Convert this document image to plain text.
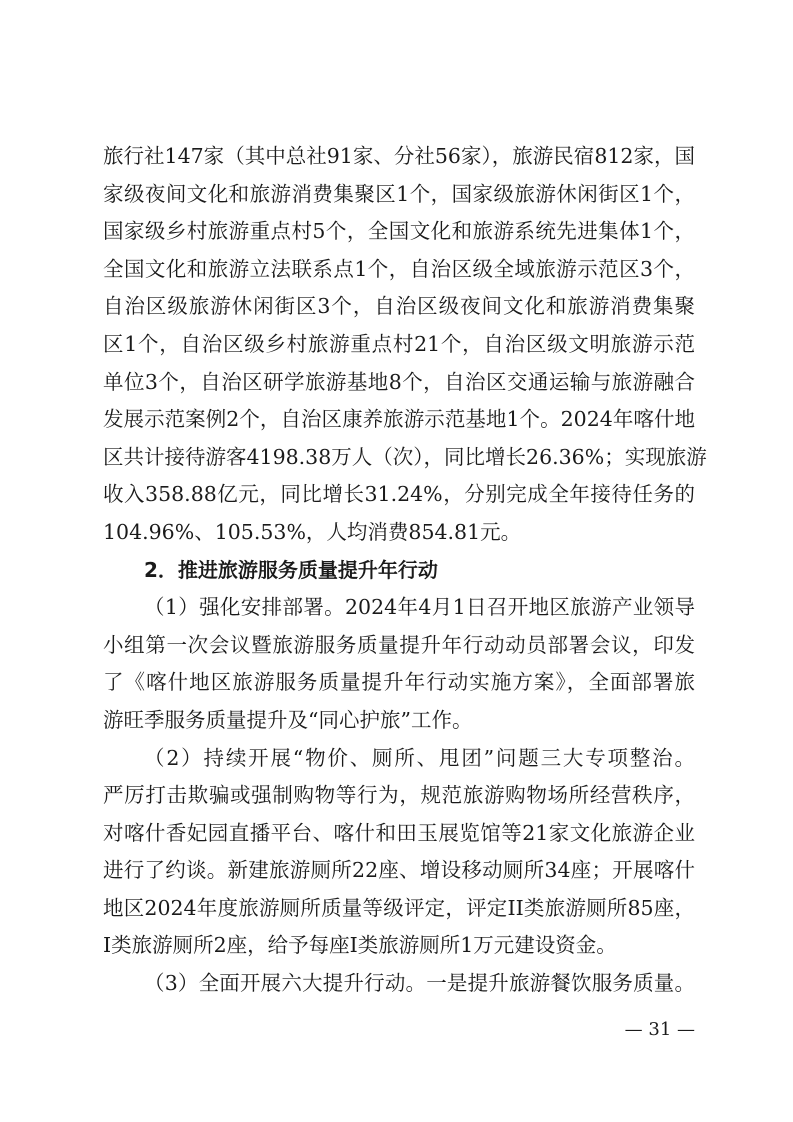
旅行社147家（其中总社91家、分社56家），旅游民宿812家，国
家级夜间文化和旅游消费集聚区1个，国家级旅游休闲街区1个，
国家级乡村旅游重点村5个，全国文化和旅游系统先进集体1个，
全国文化和旅游立法联系点1个，自治区级全域旅游示范区3个，
自治区级旅游休闲街区3个，自治区级夜间文化和旅游消费集聚
区1个，自治区级乡村旅游重点村21个，自治区级文明旅游示范
单位3个，自治区研学旅游基地8个，自治区交通运输与旅游融合
发展示范案例2个，自治区康养旅游示范基地1个。2024年喀什地
区共计接待游客4198.38万人（次），同比增长26.36%；实现旅游
收入358.88亿元，同比增长31.24%，分别完成全年接待任务的
104.96%、105.53%，人均消费854.81元。
2．推进旅游服务质量提升年行动
（1）强化安排部署。2024年4月1日召开地区旅游产业领导
小组第一次会议暨旅游服务质量提升年行动动员部署会议，印发
了《喀什地区旅游服务质量提升年行动实施方案》，全面部署旅
游旺季服务质量提升及“同心护旅”工作。
（2）持续开展“物价、厕所、甩团”问题三大专项整治。
严厉打击欺骗或强制购物等行为，规范旅游购物场所经营秩序，
对喀什香妃园直播平台、喀什和田玉展览馆等21家文化旅游企业
进行了约谈。新建旅游厕所22座、增设移动厕所34座；开展喀什
地区2024年度旅游厕所质量等级评定，评定II类旅游厕所85座，
I类旅游厕所2座，给予每座I类旅游厕所1万元建设资金。
（3）全面开展六大提升行动。一是提升旅游餐饮服务质量。
— 31 —
